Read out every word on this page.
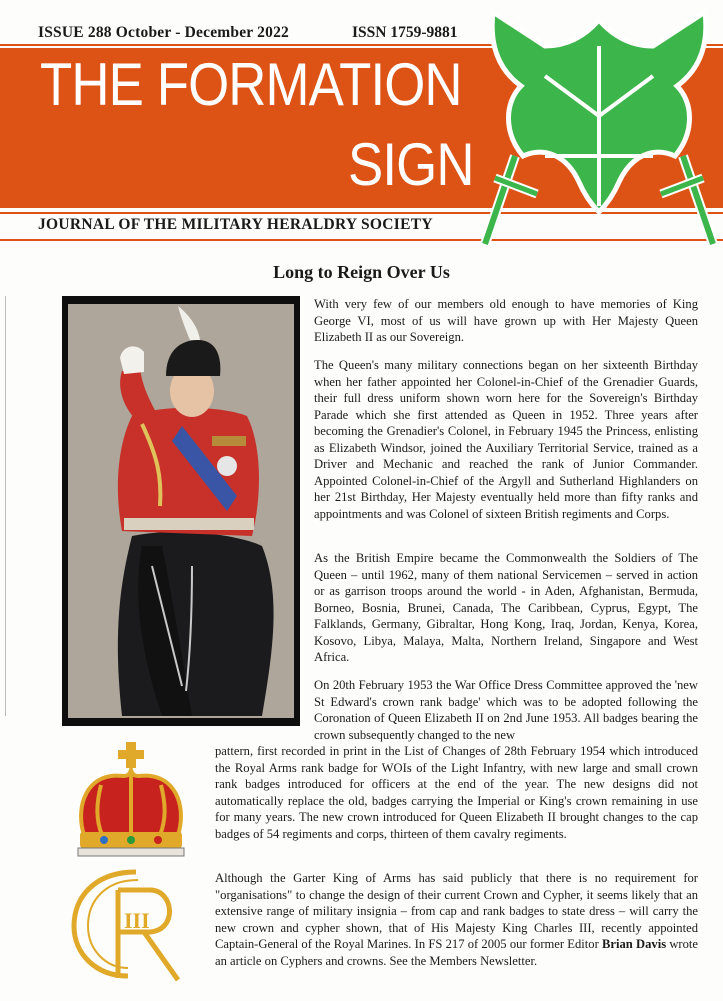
ISSUE 288 October - December 2022	ISSN 1759-9881
THE FORMATION
SIGN
JOURNAL OF THE MILITARY HERALDRY SOCIETY
Long to Reign Over Us

With very few of our members old enough to have memories of King George VI, most of us will have grown up with Her Majesty Queen Elizabeth II as our Sovereign.

The Queen's many military connections began on her sixteenth Birthday when her father appointed her Colonel-in-Chief of the Grenadier Guards, their full dress uniform shown worn here for the Sovereign's Birthday Parade which she first attended as Queen in 1952. Three years after becoming the Grenadier's Colonel, in February 1945 the Princess, enlisting as Elizabeth Windsor, joined the Auxiliary Territorial Service, trained as a Driver and Mechanic and reached the rank of Junior Commander. Appointed Colonel-in-Chief of the Argyll and Sutherland Highlanders on her 21st Birthday, Her Majesty eventually held more than fifty ranks and appointments and was Colonel of sixteen British regiments and Corps.

As the British Empire became the Commonwealth the Soldiers of The Queen – until 1962, many of them national Servicemen – served in action or as garrison troops around the world - in Aden, Afghanistan, Bermuda, Borneo, Bosnia, Brunei, Canada, The Caribbean, Cyprus, Egypt, The Falklands, Germany, Gibraltar, Hong Kong, Iraq, Jordan, Kenya, Korea, Kosovo, Libya, Malaya, Malta, Northern Ireland, Singapore and West Africa.

On 20th February 1953 the War Office Dress Committee approved the 'new St Edward's crown rank badge' which was to be adopted following the Coronation of Queen Elizabeth II on 2nd June 1953. All badges bearing the crown subsequently changed to the new

pattern, first recorded in print in the List of Changes of 28th February 1954 which introduced the Royal Arms rank badge for WOIs of the Light Infantry, with new large and small crown rank badges introduced for officers at the end of the year. The new designs did not automatically replace the old, badges carrying the Imperial or King's crown remaining in use for many years. The new crown introduced for Queen Elizabeth II brought changes to the cap badges of 54 regiments and corps, thirteen of them cavalry regiments.

Although the Garter King of Arms has said publicly that there is no requirement for "organisations" to change the design of their current Crown and Cypher, it seems likely that an extensive range of military insignia – from cap and rank badges to state dress – will carry the new crown and cypher shown, that of His Majesty King Charles III, recently appointed Captain-General of the Royal Marines. In FS 217 of 2005 our former Editor Brian Davis wrote an article on Cyphers and crowns. See the Members Newsletter.

III
